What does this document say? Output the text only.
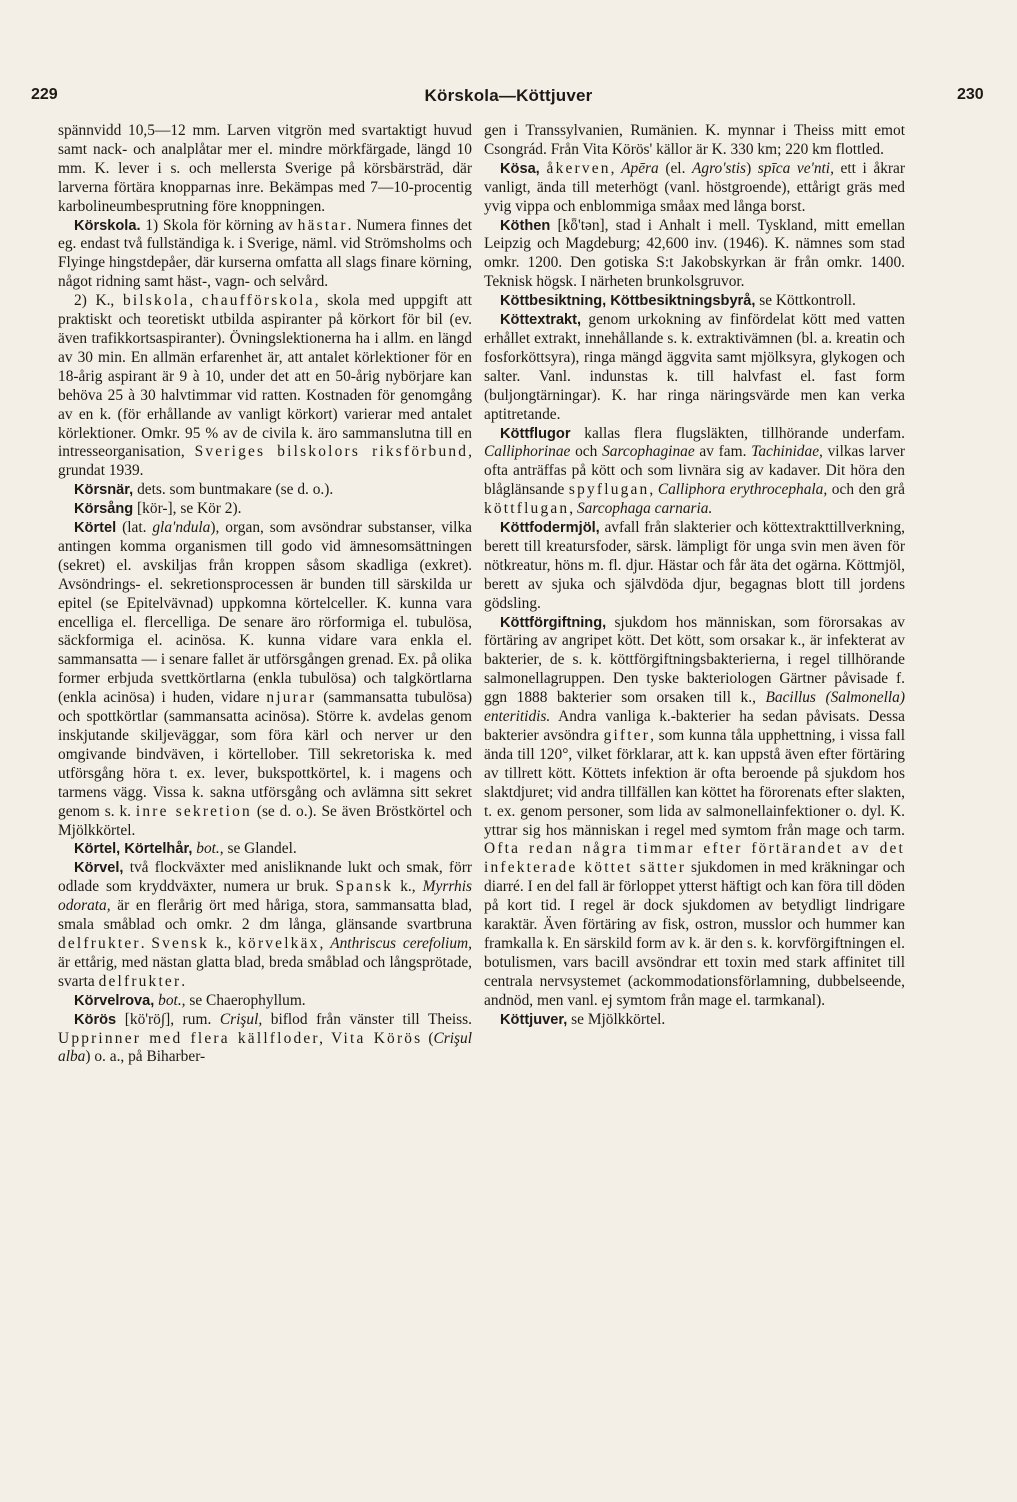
229	Körskola—Köttjuver	230

spännvidd 10,5—12 mm. Larven vitgrön med svartaktigt huvud samt nack- och analplåtar mer el. mindre mörkfärgade, längd 10 mm. K. lever i s. och mellersta Sverige på körsbärsträd, där larverna förtära knopparnas inre. Bekämpas med 7—10-procentig karbolineumbesprutning före knoppningen.

Körskola. 1) Skola för körning av hästar. Numera finnes det eg. endast två fullständiga k. i Sverige, näml. vid Strömsholms och Flyinge hingstdepåer, där kurserna omfatta all slags finare körning, något ridning samt häst-, vagn- och selvård.

2) K., bilskola, chaufförskola, skola med uppgift att praktiskt och teoretiskt utbilda aspiranter på körkort för bil (ev. även trafikkortsaspiranter). Övningslektionerna ha i allm. en längd av 30 min. En allmän erfarenhet är, att antalet körlektioner för en 18-årig aspirant är 9 à 10, under det att en 50-årig nybörjare kan behöva 25 à 30 halvtimmar vid ratten. Kostnaden för genomgång av en k. (för erhållande av vanligt körkort) varierar med antalet körlektioner. Omkr. 95 % av de civila k. äro sammanslutna till en intresseorganisation, Sveriges bilskolors riksförbund, grundat 1939.

Körsnär, dets. som buntmakare (se d. o.).

Körsång [kör-], se Kör 2).

Körtel (lat. gla'ndula), organ, som avsöndrar substanser, vilka antingen komma organismen till godo vid ämnesomsättningen (sekret) el. avskiljas från kroppen såsom skadliga (exkret). Avsöndrings- el. sekretionsprocessen är bunden till särskilda ur epitel (se Epitelvävnad) uppkomna körtelceller. K. kunna vara encelliga el. flercelliga. De senare äro rörformiga el. tubulösa, säckformiga el. acinösa. K. kunna vidare vara enkla el. sammansatta — i senare fallet är utförsgången grenad. Ex. på olika former erbjuda svettkörtlarna (enkla tubulösa) och talgkörtlarna (enkla acinösa) i huden, vidare njurar (sammansatta tubulösa) och spottkörtlar (sammansatta acinösa). Större k. avdelas genom inskjutande skiljeväggar, som föra kärl och nerver ur den omgivande bindväven, i körtellober. Till sekretoriska k. med utförsgång höra t. ex. lever, bukspottkörtel, k. i magens och tarmens vägg. Vissa k. sakna utförsgång och avlämna sitt sekret genom s. k. inre sekretion (se d. o.). Se även Bröstkörtel och Mjölkkörtel.

Körtel, Körtelhår, bot., se Glandel.

Körvel, två flockväxter med anisliknande lukt och smak, förr odlade som kryddväxter, numera ur bruk. Spansk k., Myrrhis odorata, är en flerårig ört med håriga, stora, sammansatta blad, smala småblad och omkr. 2 dm långa, glänsande svartbruna delfrukter. Svensk k., körvelkäx, Anthriscus cerefolium, är ettårig, med nästan glatta blad, breda småblad och långsprötade, svarta delfrukter.

Körvelrova, bot., se Chaerophyllum.

Körös [kö'rö∫], rum. Crişul, biflod från vänster till Theiss. Upprinner med flera källfloder, Vita Körös (Crişul alba) o. a., på Biharber-

gen i Transsylvanien, Rumänien. K. mynnar i Theiss mitt emot Csongrád. Från Vita Körös' källor är K. 330 km; 220 km flottled.

Kösa, åkerven, Apēra (el. Agro'stis) spīca ve'nti, ett i åkrar vanligt, ända till meterhögt (vanl. höstgroende), ettårigt gräs med yvig vippa och enblommiga småax med långa borst.

Köthen [kȫ'tən], stad i Anhalt i mell. Tyskland, mitt emellan Leipzig och Magdeburg; 42,600 inv. (1946). K. nämnes som stad omkr. 1200. Den gotiska S:t Jakobskyrkan är från omkr. 1400. Teknisk högsk. I närheten brunkolsgruvor.

Köttbesiktning, Köttbesiktningsbyrå, se Köttkontroll.

Köttextrakt, genom urkokning av finfördelat kött med vatten erhållet extrakt, innehållande s. k. extraktivämnen (bl. a. kreatin och fosforköttsyra), ringa mängd äggvita samt mjölksyra, glykogen och salter. Vanl. indunstas k. till halvfast el. fast form (buljongtärningar). K. har ringa näringsvärde men kan verka aptitretande.

Köttflugor kallas flera flugsläkten, tillhörande underfam. Calliphorinae och Sarcophaginae av fam. Tachinidae, vilkas larver ofta anträffas på kött och som livnära sig av kadaver. Dit höra den blåglänsande spyflugan, Calliphora erythrocephala, och den grå köttflugan, Sarcophaga carnaria.

Köttfodermjöl, avfall från slakterier och köttextrakttillverkning, berett till kreatursfoder, särsk. lämpligt för unga svin men även för nötkreatur, höns m. fl. djur. Hästar och får äta det ogärna. Köttmjöl, berett av sjuka och självdöda djur, begagnas blott till jordens gödsling.

Köttförgiftning, sjukdom hos människan, som förorsakas av förtäring av angripet kött. Det kött, som orsakar k., är infekterat av bakterier, de s. k. köttförgiftningsbakterierna, i regel tillhörande salmonellagruppen. Den tyske bakteriologen Gärtner påvisade f. ggn 1888 bakterier som orsaken till k., Bacillus (Salmonella) enteritidis. Andra vanliga k.-bakterier ha sedan påvisats. Dessa bakterier avsöndra gifter, som kunna tåla upphettning, i vissa fall ända till 120°, vilket förklarar, att k. kan uppstå även efter förtäring av tillrett kött. Köttets infektion är ofta beroende på sjukdom hos slaktdjuret; vid andra tillfällen kan köttet ha förorenats efter slakten, t. ex. genom personer, som lida av salmonellainfektioner o. dyl. K. yttrar sig hos människan i regel med symtom från mage och tarm. Ofta redan några timmar efter förtärandet av det infekterade köttet sätter sjukdomen in med kräkningar och diarré. I en del fall är förloppet ytterst häftigt och kan föra till döden på kort tid. I regel är dock sjukdomen av betydligt lindrigare karaktär. Även förtäring av fisk, ostron, musslor och hummer kan framkalla k. En särskild form av k. är den s. k. korvförgiftningen el. botulismen, vars bacill avsöndrar ett toxin med stark affinitet till centrala nervsystemet (ackommodationsförlamning, dubbelseende, andnöd, men vanl. ej symtom från mage el. tarmkanal).

Köttjuver, se Mjölkkörtel.
